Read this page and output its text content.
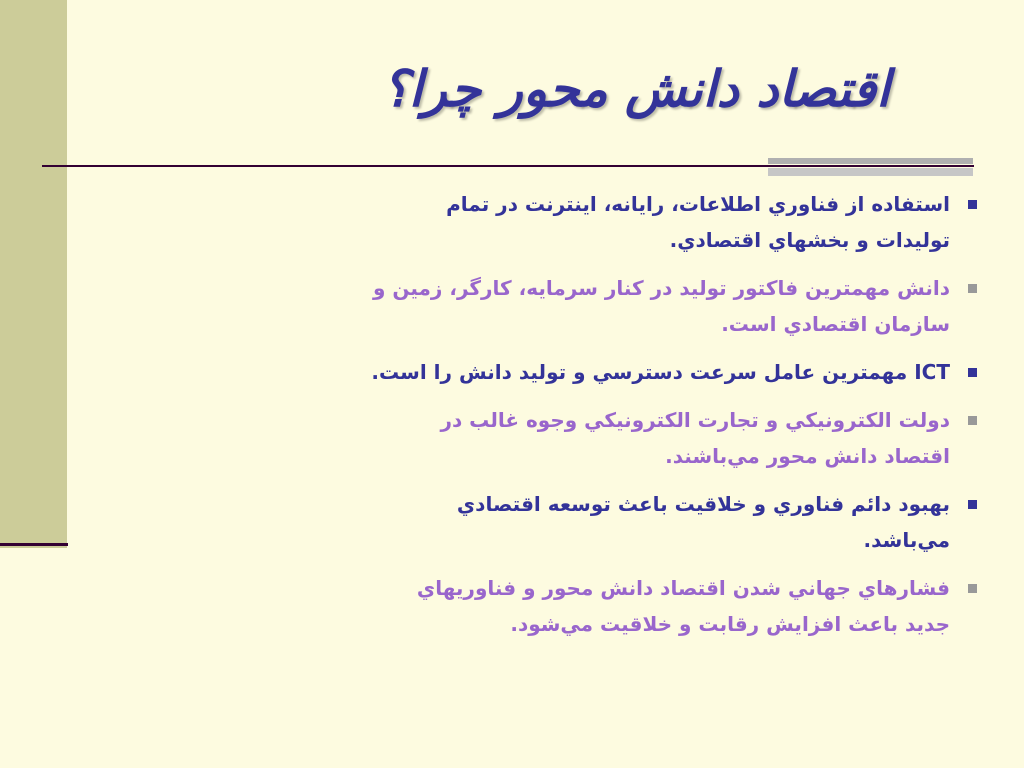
اقتصاد دانش محور چرا؟
استفاده از فناوري اطلاعات، رايانه، اينترنت در تمام توليدات و بخشهاي اقتصادي.
دانش مهمترين فاکتور توليد در کنار سرمايه، کارگر، زمين و سازمان اقتصادي است.
ICT مهمترين عامل سرعت دسترسي و توليد دانش را است.
دولت الکترونيکي و تجارت الکترونيکي وجوه غالب در اقتصاد دانش محور مي‌باشند.
بهبود دائم فناوري و خلاقيت باعث توسعه اقتصادي مي‌باشد.
فشارهاي جهاني شدن اقتصاد دانش محور و فناوريهاي جديد باعث افزايش رقابت و خلاقيت مي‌شود.
